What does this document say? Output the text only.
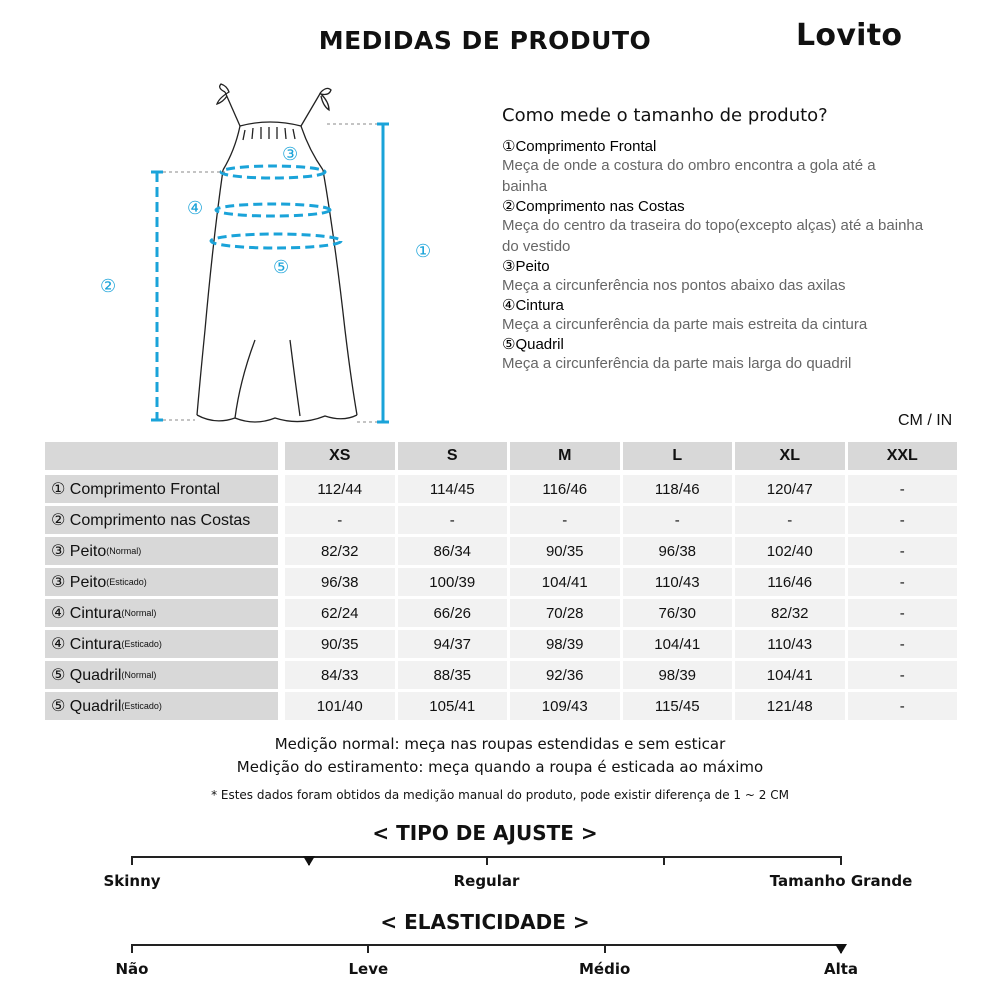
MEDIDAS DE PRODUTO	Lovito
①
②
③
④
⑤
Como mede o tamanho de produto?
①Comprimento Frontal
Meça de onde a costura do ombro encontra a gola até a
bainha
②Comprimento nas Costas
Meça do centro da traseira do topo(excepto alças) até a bainha
do vestido
③Peito
Meça a circunferência nos pontos abaixo das axilas
④Cintura
Meça a circunferência da parte mais estreita da cintura
⑤Quadril
Meça a circunferência da parte mais larga do quadril
CM / IN
XS	S	M	L	XL	XXL
① Comprimento Frontal	112/44	114/45	116/46	118/46	120/47	-
② Comprimento nas Costas	-	-	-	-	-	-
③ Peito (Normal)	82/32	86/34	90/35	96/38	102/40	-
③ Peito (Esticado)	96/38	100/39	104/41	110/43	116/46	-
④ Cintura (Normal)	62/24	66/26	70/28	76/30	82/32	-
④ Cintura (Esticado)	90/35	94/37	98/39	104/41	110/43	-
⑤ Quadril (Normal)	84/33	88/35	92/36	98/39	104/41	-
⑤ Quadril (Esticado)	101/40	105/41	109/43	115/45	121/48	-
Medição normal: meça nas roupas estendidas e sem esticar
Medição do estiramento: meça quando a roupa é esticada ao máximo
* Estes dados foram obtidos da medição manual do produto, pode existir diferença de 1 ~ 2 CM
< TIPO DE AJUSTE >
Skinny	Regular	Tamanho Grande
< ELASTICIDADE >
Não	Leve	Médio	Alta
